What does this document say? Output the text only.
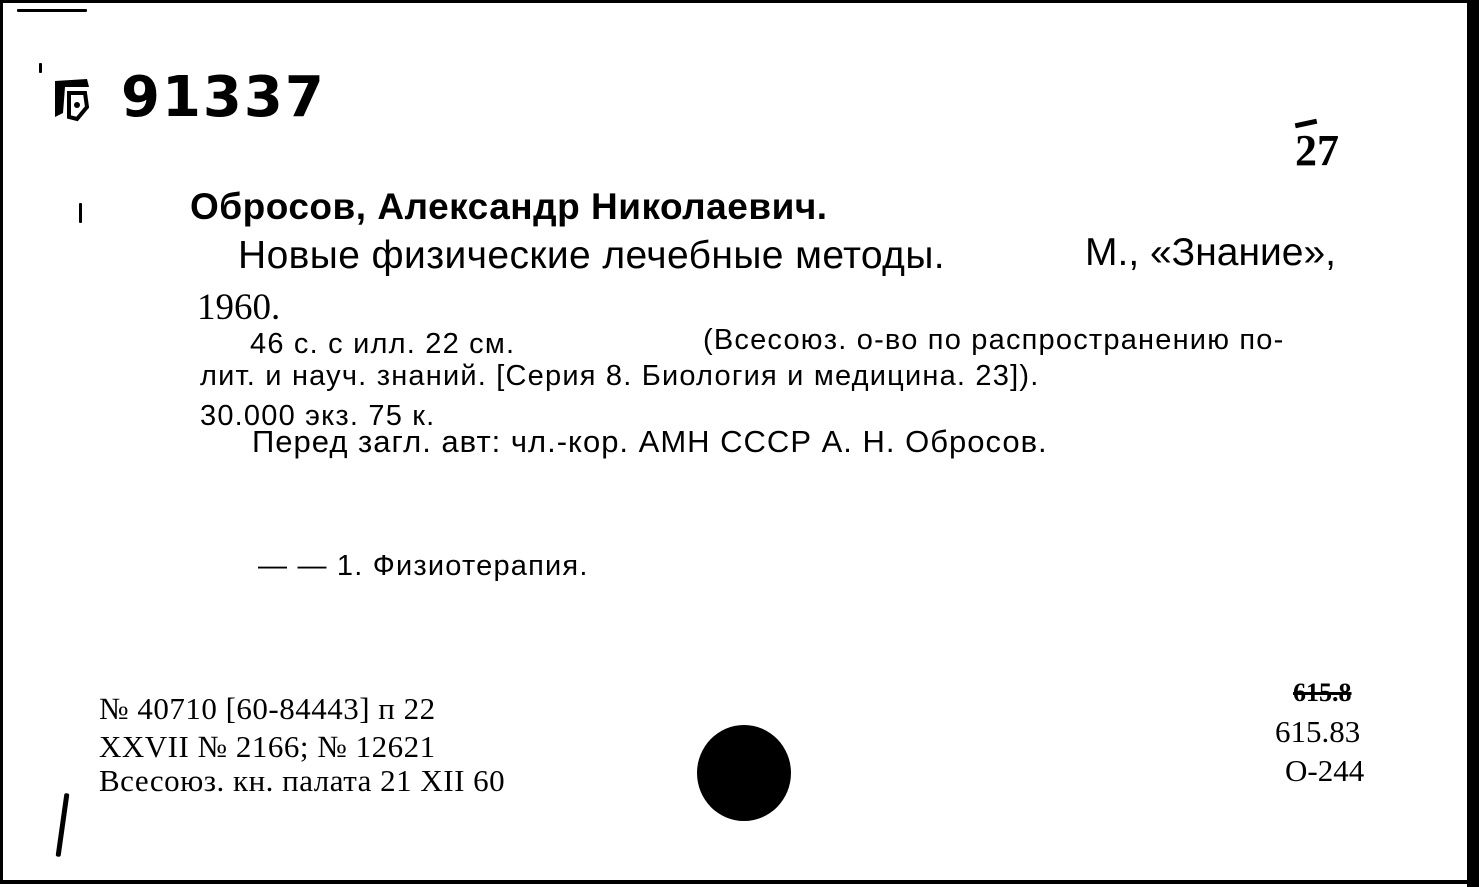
91337
27
Обросов, Александр Николаевич.
Новые физические лечебные методы.	М., «Знание»,
1960.
46 с. с илл. 22 см.	(Всесоюз. о-во по распространению по-
лит. и науч. знаний. [Серия 8. Биология и медицина. 23]).
30.000 экз. 75 к.
Перед загл. авт: чл.-кор. АМН СССР А. Н. Обросов.
— — 1. Физиотерапия.
№ 40710 [60-84443] п 22
XXVII № 2166; № 12621
Всесоюз. кн. палата 21 XII 60
615.8
615.83
О-244
